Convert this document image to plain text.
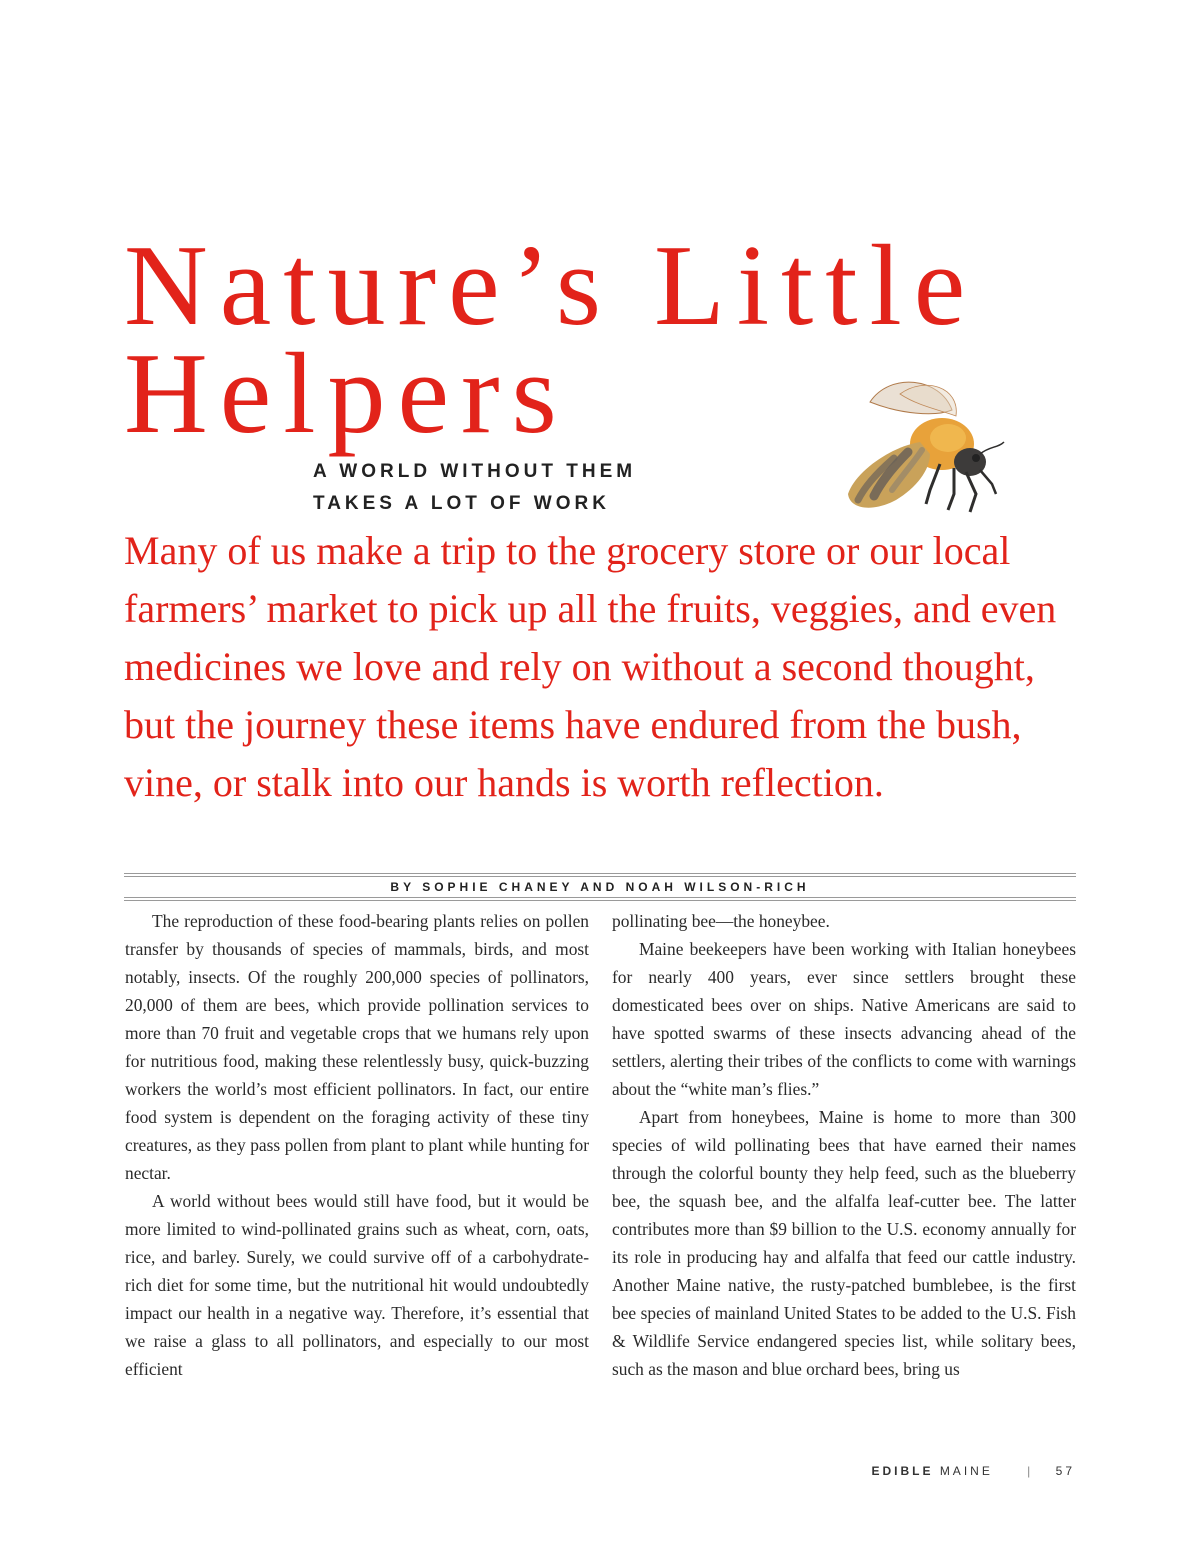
Nature’s Little
Helpers
A WORLD WITHOUT THEM
TAKES A LOT OF WORK

Many of us make a trip to the grocery store or our local farmers’ market to pick up all the fruits, veggies, and even medicines we love and rely on without a second thought, but the journey these items have endured from the bush, vine, or stalk into our hands is worth reflection.

BY SOPHIE CHANEY AND NOAH WILSON-RICH

The reproduction of these food-bearing plants relies on pollen transfer by thousands of species of mammals, birds, and most notably, insects. Of the roughly 200,000 species of pollinators, 20,000 of them are bees, which provide pollination services to more than 70 fruit and vegetable crops that we humans rely upon for nutritious food, making these relentlessly busy, quick-buzzing workers the world’s most efficient pollinators. In fact, our entire food system is dependent on the foraging activity of these tiny creatures, as they pass pollen from plant to plant while hunting for nectar.

A world without bees would still have food, but it would be more limited to wind-pollinated grains such as wheat, corn, oats, rice, and barley. Surely, we could survive off of a carbohydrate-rich diet for some time, but the nutritional hit would undoubtedly impact our health in a negative way. Therefore, it’s essential that we raise a glass to all pollinators, and especially to our most efficient

pollinating bee—the honeybee.

Maine beekeepers have been working with Italian honeybees for nearly 400 years, ever since settlers brought these domesticated bees over on ships. Native Americans are said to have spotted swarms of these insects advancing ahead of the settlers, alerting their tribes of the conflicts to come with warnings about the “white man’s flies.”

Apart from honeybees, Maine is home to more than 300 species of wild pollinating bees that have earned their names through the colorful bounty they help feed, such as the blueberry bee, the squash bee, and the alfalfa leaf-cutter bee. The latter contributes more than $9 billion to the U.S. economy annually for its role in producing hay and alfalfa that feed our cattle industry. Another Maine native, the rusty-patched bumblebee, is the first bee species of mainland United States to be added to the U.S. Fish & Wildlife Service endangered species list, while solitary bees, such as the mason and blue orchard bees, bring us

EDIBLE MAINE	| 57
